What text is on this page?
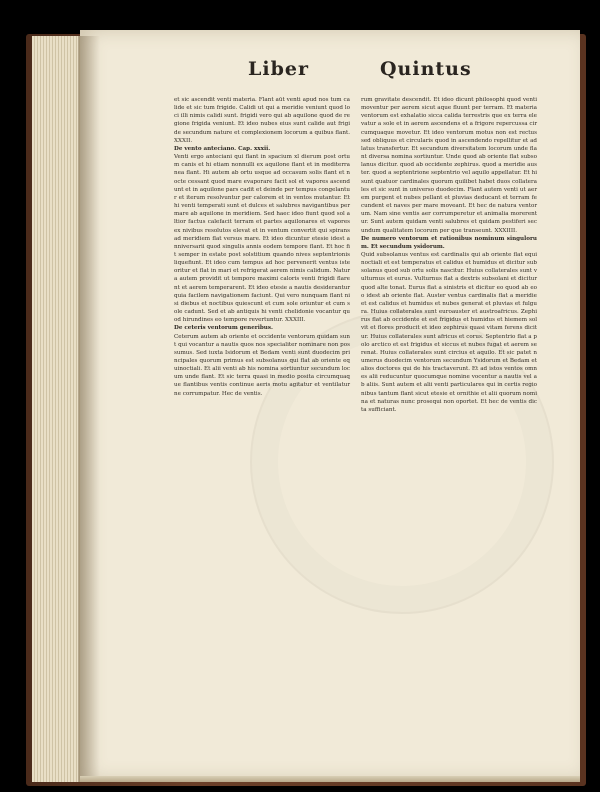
Liber	Quintus

et sic ascendit venti materia. Flant aūt venti apud nos tum calide et sic tum frigide. Calidi ut qui a meridie veniunt quod loci illi nimis calidi sunt. frigidi vero qui ab aquilone quod de regione frigida veniunt. Et ideo nubes eius sunt calide aut frigide secundum nature et complexionem locorum a quibus flant. XXXII.

De vento anteciano. Cap. xxxii.

Venti ergo anteciani qui flant in spacium xl dierum post ortum canis et hi etiam nonnulli ex aquilone flant et in mediterranea flant. Hi autem ab ortu usque ad occasum solis flant et nocte cessant quod mare evaporare facit sol et vapores ascendunt et in aquilone pars cadit et deinde per tempus congelantur et iterum resolvuntur per calorem et in ventos mutantur. Et hi venti temperati sunt et dulces et salubres navigantibus per mare ab aquilone in meridiem. Sed haec ideo fiunt quod sol altior factus calefacit terram et partes aquilonares et vapores ex nivibus resolutos elevat et in ventum convertit qui spirans ad meridiem flat versus mare. Et ideo dicuntur etesie idest anniversarii quod singulis annis eodem tempore flant. Et hoc fit semper in estate post solstitium quando nives septentrionis liquefiunt. Et ideo cum tempus ad hoc pervenerit ventus iste oritur et flat in mari et refrigerat aerem nimis calidum. Natura autem providit ut tempore maximi caloris venti frigidi flarent et aerem temperarent. Et ideo etesie a nautis desiderantur quia facilem navigationem faciunt. Qui vero nunquam flant nisi diebus et noctibus quiescunt et cum sole oriuntur et cum sole cadunt. Sed et ab antiquis hi venti chelidonie vocantur quod hirundines eo tempore revertuntur. XXXIII.

De ceteris ventorum generibus.

Ceterum autem ab oriente et occidente ventorum quidam sunt qui vocantur a nautis quos nos specialiter nominare non possumus. Sed iuxta Isidorum et Bedam venti sunt duodecim principales quorum primus est subsolanus qui flat ab oriente equinoctiali. Et alii venti ab his nomina sortiuntur secundum locum unde flant. Et sic terra quasi in medio posita circumquaque flantibus ventis continue aeris motu agitatur et ventilatur ne corrumpatur. Hec de ventis.

rum gravitate descendit. Et ideo dicunt philosophi quod venti moventur per aerem sicut aque fluunt per terram. Et materia ventorum est exhalatio sicca calida terrestris que ex terra elevatur a sole et in aerem ascendens et a frigore repercussa circumquaque movetur. Et ideo ventorum motus non est rectus sed obliquus et circularis quod in ascendendo repellitur et ad latus transfertur. Et secundum diversitatem locorum unde flant diversa nomina sortiuntur. Unde quod ab oriente flat subsolanus dicitur. quod ab occidente zephirus. quod a meridie auster. quod a septentrione septentrio vel aquilo appellatur. Et hi sunt quatuor cardinales quorum quilibet habet duos collaterales et sic sunt in universo duodecim. Flant autem venti ut aerem purgent et nubes pellant et pluvias deducant et terram fecundent et naves per mare moveant. Et hec de natura ventorum. Nam sine ventis aer corrumperetur et animalia morerentur. Sunt autem quidam venti salubres et quidam pestiferi secundum qualitatem locorum per que transeunt. XXXIIII.

De numero ventorum et rationibus nominum singulorum. Et secundum ysidorum.

Quid subsolanus ventus est cardinalis qui ab oriente flat equinoctiali et est temperatus et calidus et humidus et dicitur subsolanus quod sub ortu solis nascitur. Huius collaterales sunt vulturnus et eurus. Vulturnus flat a dextris subsolani et dicitur quod alte tonat. Eurus flat a sinistris et dicitur eo quod ab eoo idest ab oriente flat. Auster ventus cardinalis flat a meridie et est calidus et humidus et nubes generat et pluvias et fulgura. Huius collaterales sunt euroauster et austroafricus. Zephirus flat ab occidente et est frigidus et humidus et hiemem solvit et flores producit et ideo zephirus quasi vitam ferens dicitur. Huius collaterales sunt africus et corus. Septentrio flat a polo arctico et est frigidus et siccus et nubes fugat et aerem serenat. Huius collaterales sunt circius et aquilo. Et sic patet numerus duodecim ventorum secundum Ysidorum et Bedam et alios doctores qui de his tractaverunt. Et ad istos ventos omnes alii reducuntur quocumque nomine vocentur a nautis vel ab aliis. Sunt autem et alii venti particulares qui in certis regionibus tantum flant sicut etesie et ornithie et alii quorum nomina et naturas nunc prosequi non oportet. Et hec de ventis dicta sufficiant.
